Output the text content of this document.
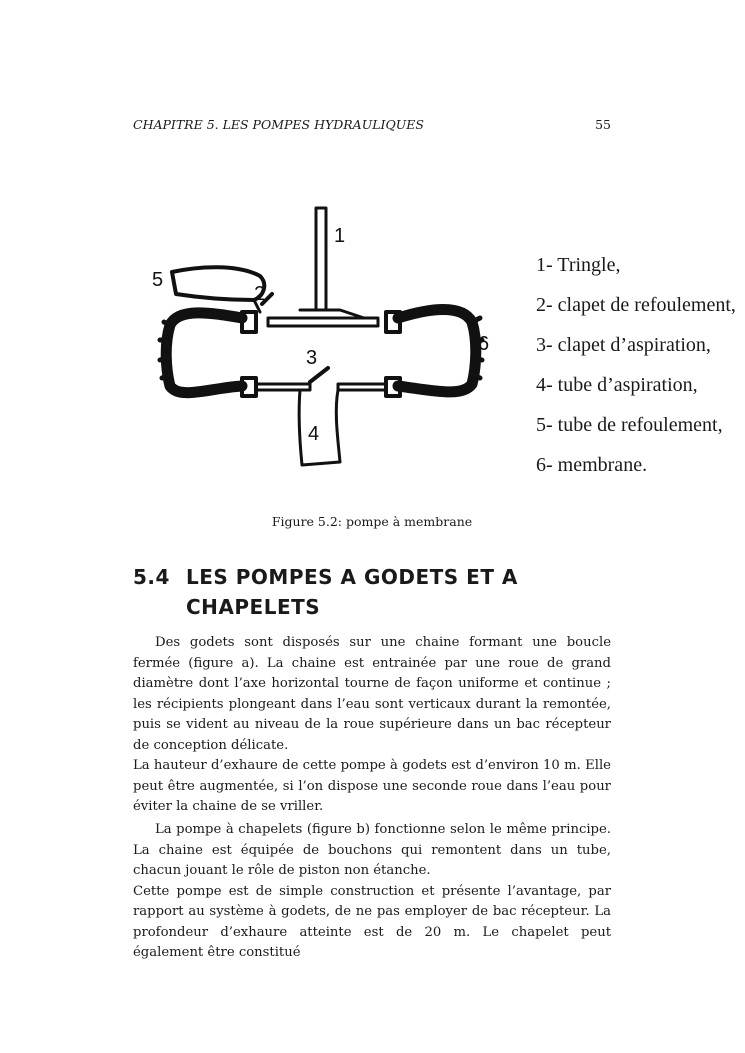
CHAPITRE 5. LES POMPES HYDRAULIQUES	55
1
2
3
4
5
6
1- Tringle,
2- clapet de refoulement,
3- clapet d’aspiration,
4- tube d’aspiration,
5- tube de refoulement,
6- membrane.
Figure 5.2: pompe à membrane
5.4 LES POMPES A GODETS ET A CHAPELETS

Des godets sont disposés sur une chaine formant une boucle fermée (figure a). La chaine est entrainée par une roue de grand diamètre dont l’axe horizontal tourne de façon uniforme et continue ; les récipients plongeant dans l’eau sont verticaux durant la remontée, puis se vident au niveau de la roue supérieure dans un bac récepteur de conception délicate.

La hauteur d’exhaure de cette pompe à godets est d’environ 10 m. Elle peut être augmentée, si l’on dispose une seconde roue dans l’eau pour éviter la chaine de se vriller.

La pompe à chapelets (figure b) fonctionne selon le même principe. La chaine est équipée de bouchons qui remontent dans un tube, chacun jouant le rôle de piston non étanche.

Cette pompe est de simple construction et présente l’avantage, par rapport au système à godets, de ne pas employer de bac récepteur. La profondeur d’exhaure atteinte est de 20 m. Le chapelet peut également être constitué
